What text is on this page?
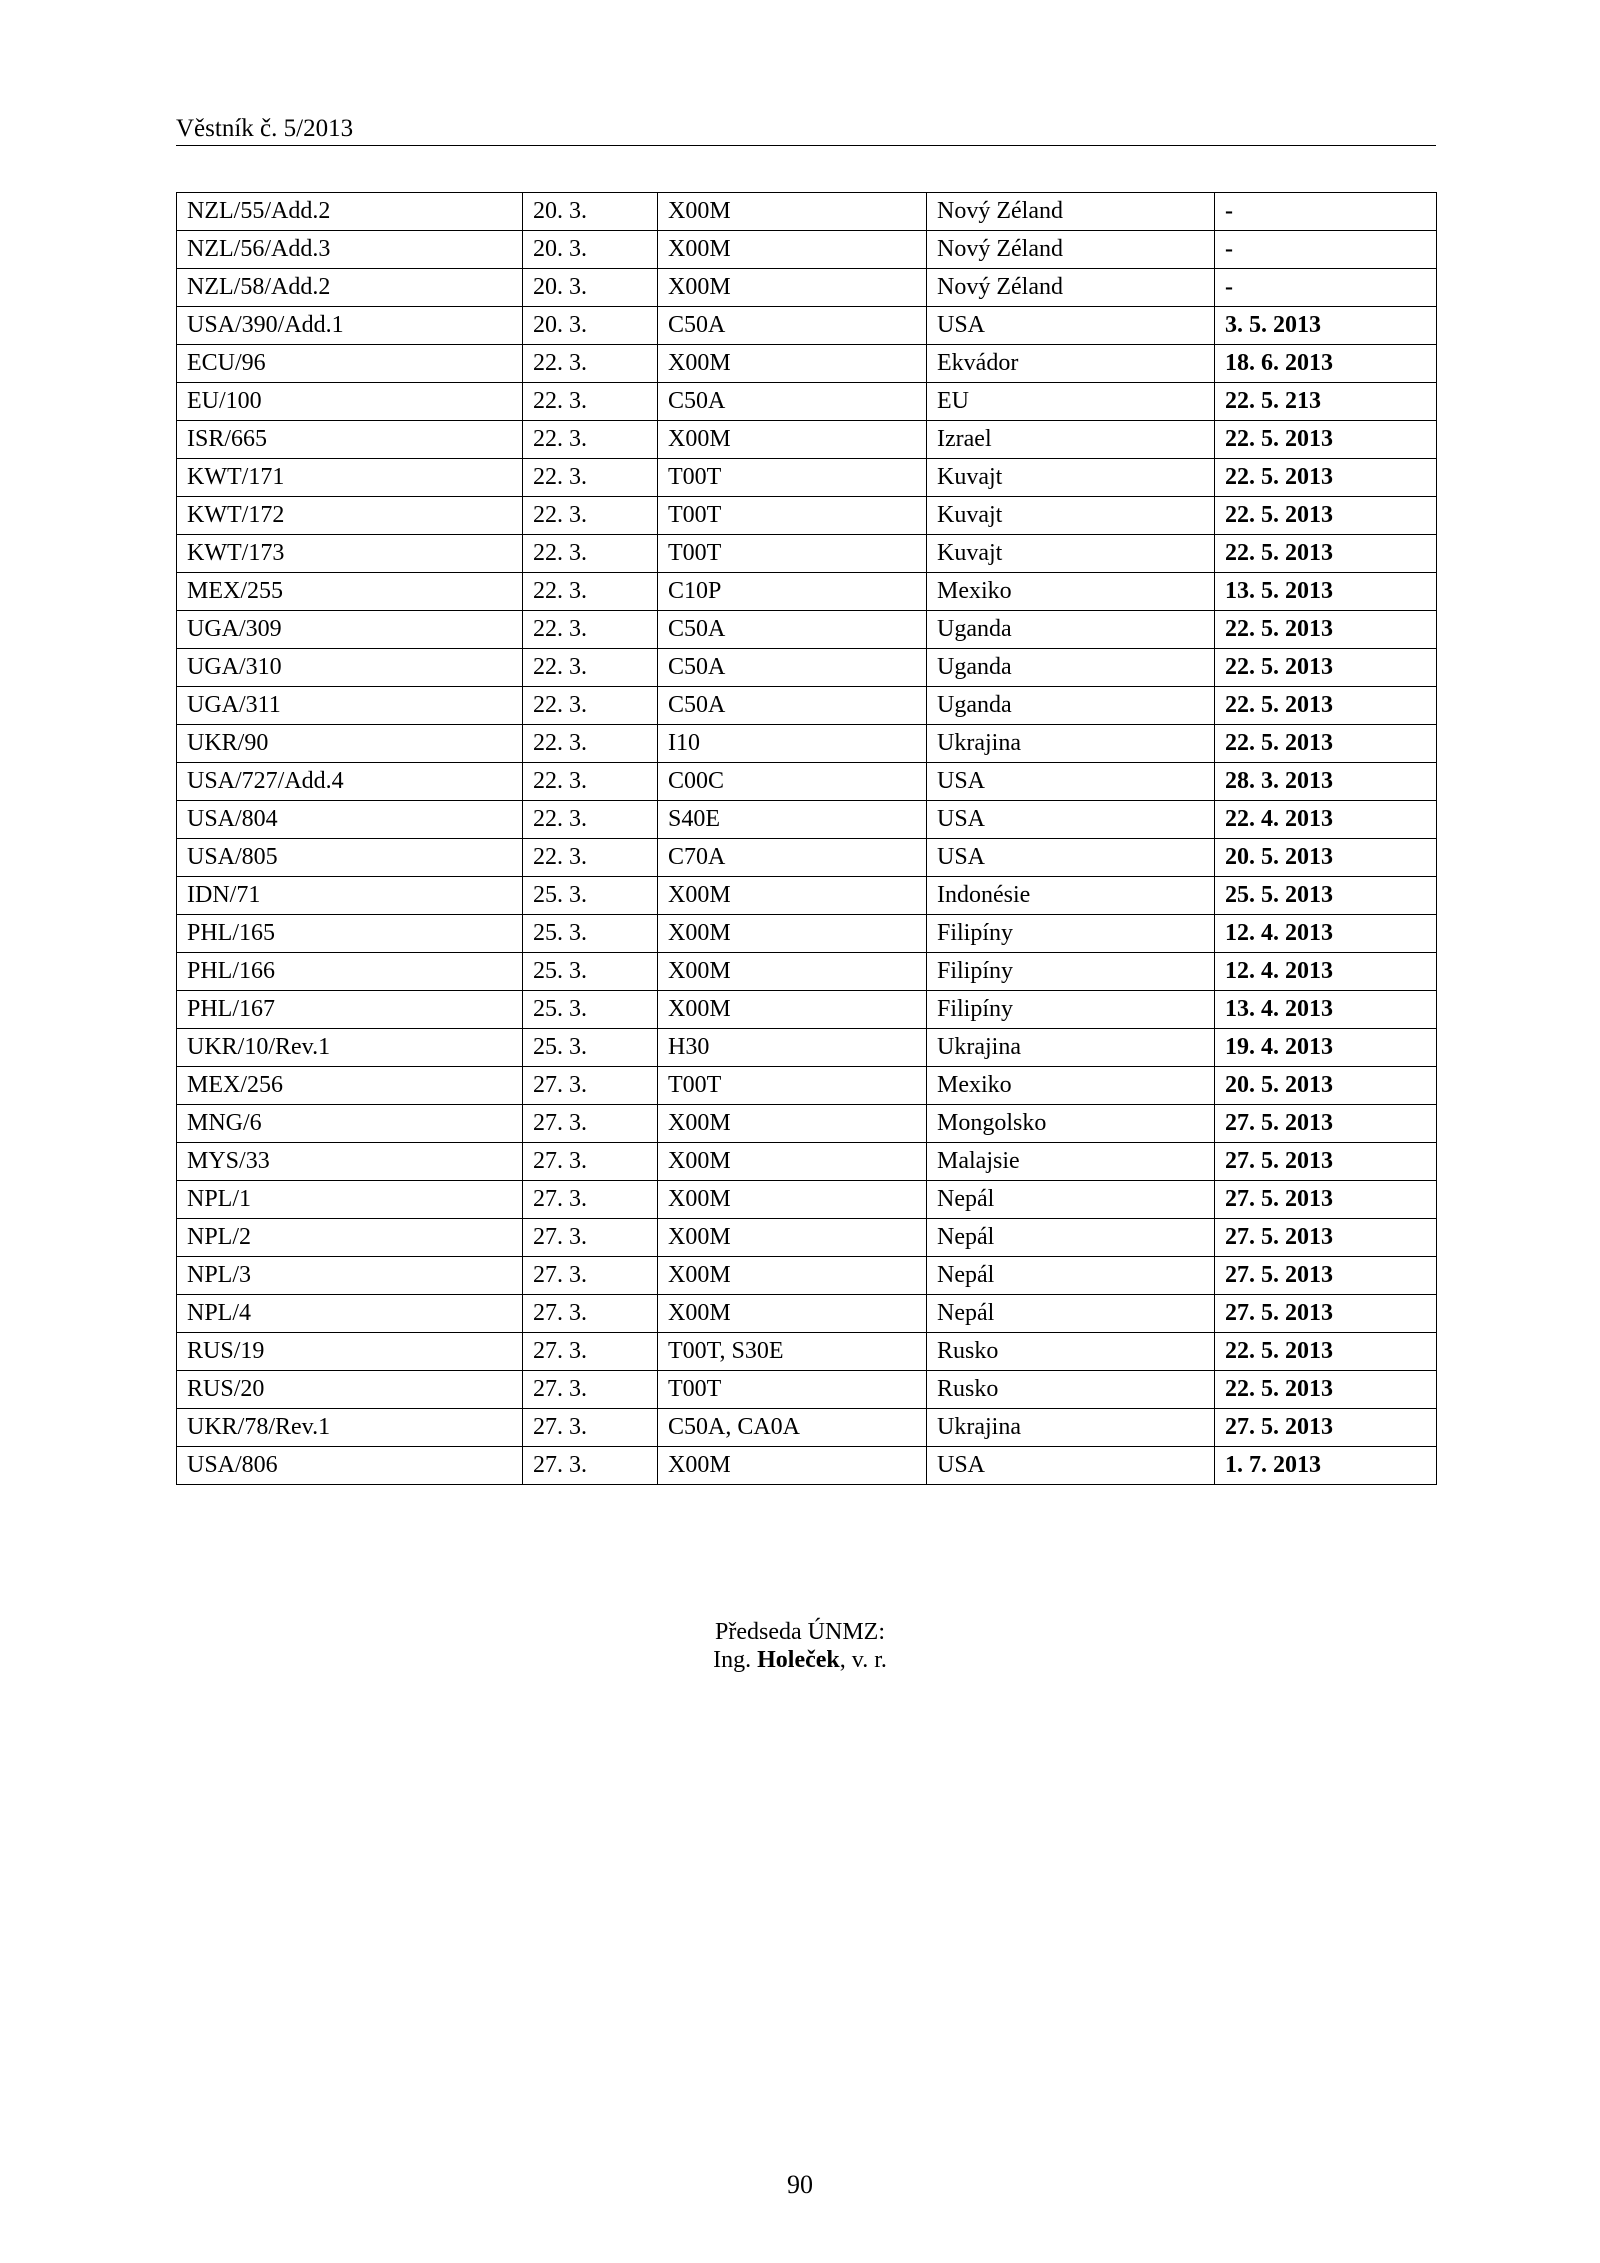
Věstník č. 5/2013
NZL/55/Add.2	20. 3.	X00M	Nový Zéland	-
NZL/56/Add.3	20. 3.	X00M	Nový Zéland	-
NZL/58/Add.2	20. 3.	X00M	Nový Zéland	-
USA/390/Add.1	20. 3.	C50A	USA	3. 5. 2013
ECU/96	22. 3.	X00M	Ekvádor	18. 6. 2013
EU/100	22. 3.	C50A	EU	22. 5. 213
ISR/665	22. 3.	X00M	Izrael	22. 5. 2013
KWT/171	22. 3.	T00T	Kuvajt	22. 5. 2013
KWT/172	22. 3.	T00T	Kuvajt	22. 5. 2013
KWT/173	22. 3.	T00T	Kuvajt	22. 5. 2013
MEX/255	22. 3.	C10P	Mexiko	13. 5. 2013
UGA/309	22. 3.	C50A	Uganda	22. 5. 2013
UGA/310	22. 3.	C50A	Uganda	22. 5. 2013
UGA/311	22. 3.	C50A	Uganda	22. 5. 2013
UKR/90	22. 3.	I10	Ukrajina	22. 5. 2013
USA/727/Add.4	22. 3.	C00C	USA	28. 3. 2013
USA/804	22. 3.	S40E	USA	22. 4. 2013
USA/805	22. 3.	C70A	USA	20. 5. 2013
IDN/71	25. 3.	X00M	Indonésie	25. 5. 2013
PHL/165	25. 3.	X00M	Filipíny	12. 4. 2013
PHL/166	25. 3.	X00M	Filipíny	12. 4. 2013
PHL/167	25. 3.	X00M	Filipíny	13. 4. 2013
UKR/10/Rev.1	25. 3.	H30	Ukrajina	19. 4. 2013
MEX/256	27. 3.	T00T	Mexiko	20. 5. 2013
MNG/6	27. 3.	X00M	Mongolsko	27. 5. 2013
MYS/33	27. 3.	X00M	Malajsie	27. 5. 2013
NPL/1	27. 3.	X00M	Nepál	27. 5. 2013
NPL/2	27. 3.	X00M	Nepál	27. 5. 2013
NPL/3	27. 3.	X00M	Nepál	27. 5. 2013
NPL/4	27. 3.	X00M	Nepál	27. 5. 2013
RUS/19	27. 3.	T00T, S30E	Rusko	22. 5. 2013
RUS/20	27. 3.	T00T	Rusko	22. 5. 2013
UKR/78/Rev.1	27. 3.	C50A, CA0A	Ukrajina	27. 5. 2013
USA/806	27. 3.	X00M	USA	1. 7. 2013
Předseda ÚNMZ:
Ing. Holeček, v. r.
90
